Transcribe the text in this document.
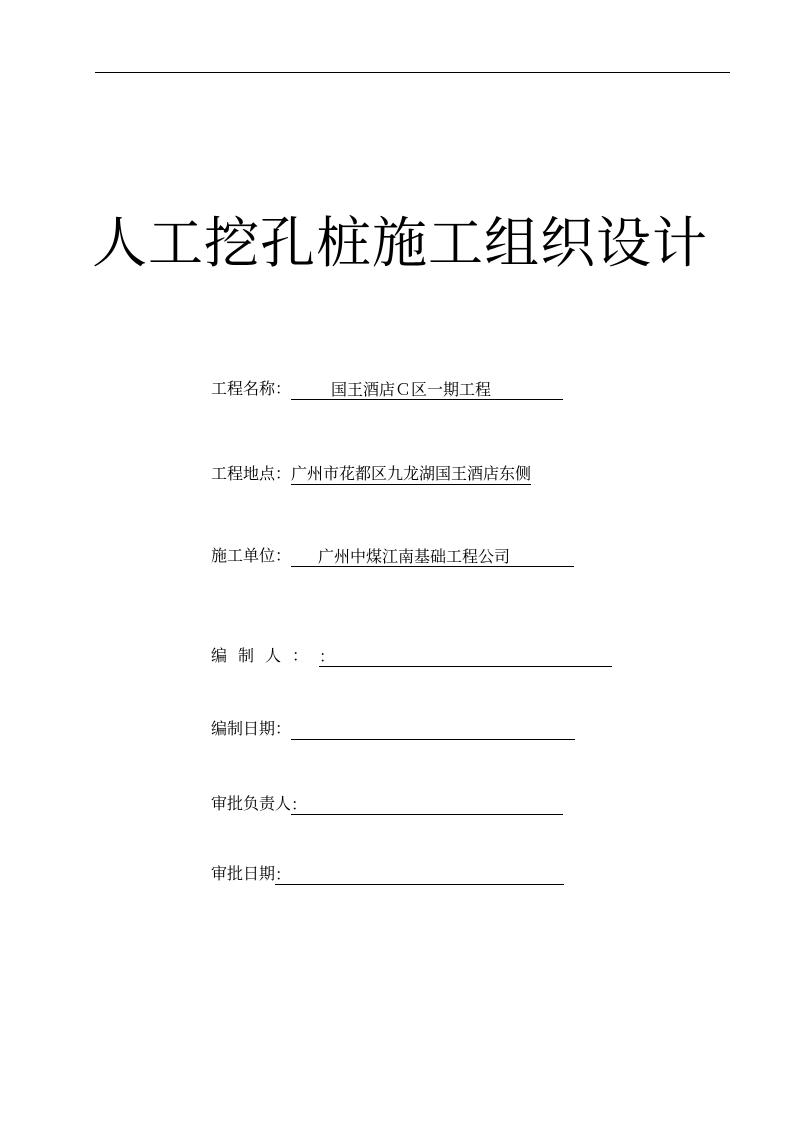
人工挖孔桩施工组织设计
工程名称：	国王酒店Ｃ区一期工程
工程地点：广州市花都区九龙湖国王酒店东侧
施工单位： 广州中煤江南基础工程公司
编制人：：
编制日期：
审批负责人：
审批日期：
